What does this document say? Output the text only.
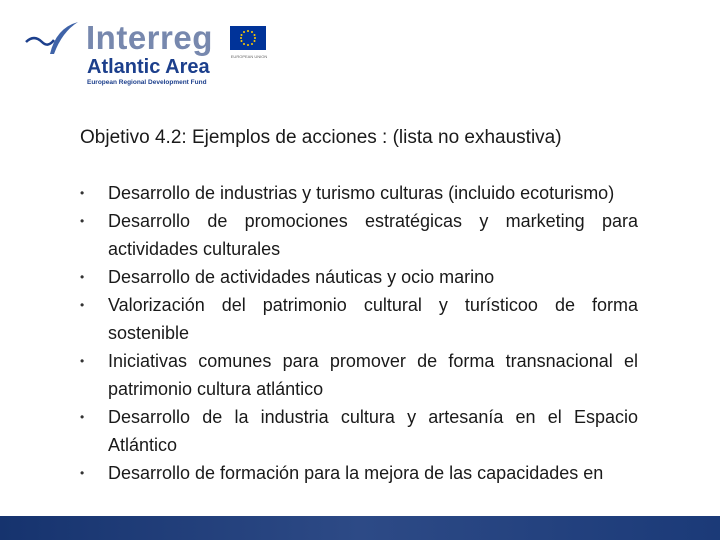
Interreg
EUROPEAN UNION
Atlantic Area
European Regional Development Fund
Objetivo 4.2: Ejemplos de acciones : (lista no exhaustiva)
• Desarrollo de industrias y turismo culturas (incluido ecoturismo)
• Desarrollo de promociones estratégicas y marketing para actividades culturales
• Desarrollo de actividades náuticas y ocio marino
• Valorización del patrimonio cultural y turísticoo de forma sostenible
• Iniciativas comunes para promover de forma transnacional el patrimonio cultura atlántico
• Desarrollo de la industria cultura y artesanía en el Espacio Atlántico
• Desarrollo de formación para la mejora de las capacidades en
